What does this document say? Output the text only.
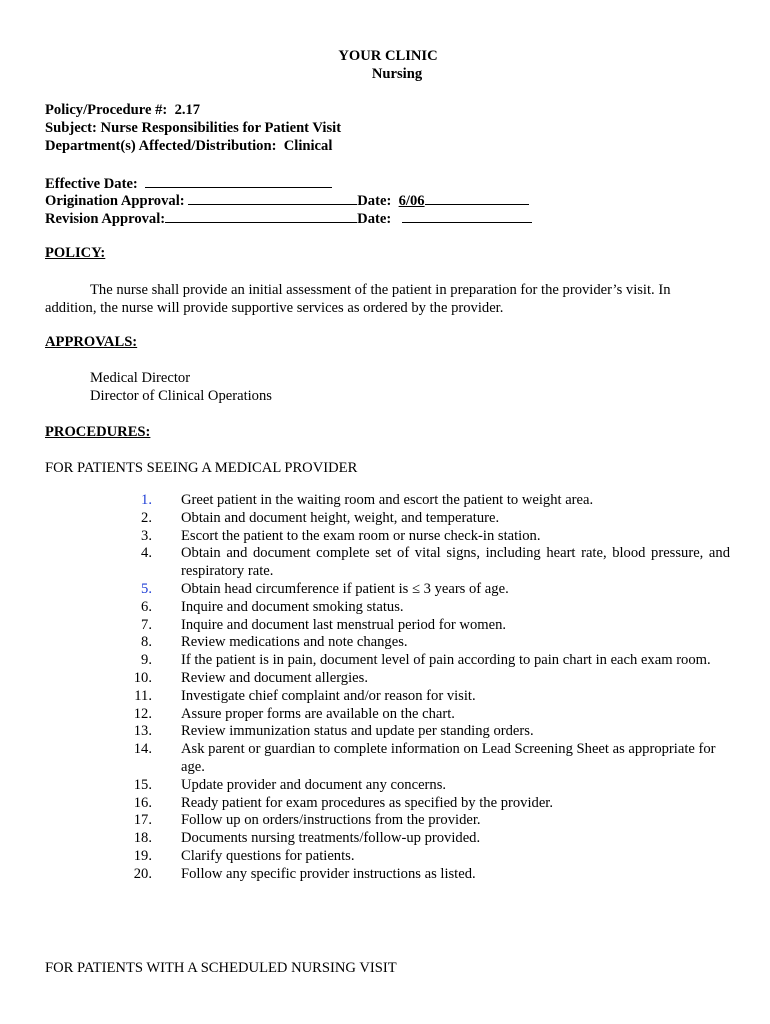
YOUR CLINIC
Nursing
Policy/Procedure #: 2.17
Subject: Nurse Responsibilities for Patient Visit
Department(s) Affected/Distribution: Clinical
Effective Date:
Origination Approval:	Date: 6/06
Revision Approval:	Date:
POLICY:
The nurse shall provide an initial assessment of the patient in preparation for the provider’s visit. In addition, the nurse will provide supportive services as ordered by the provider.
APPROVALS:
Medical Director
Director of Clinical Operations
PROCEDURES:
FOR PATIENTS SEEING A MEDICAL PROVIDER
1. Greet patient in the waiting room and escort the patient to weight area.
2. Obtain and document height, weight, and temperature.
3. Escort the patient to the exam room or nurse check-in station.
4. Obtain and document complete set of vital signs, including heart rate, blood pressure, and respiratory rate.
5. Obtain head circumference if patient is ≤ 3 years of age.
6. Inquire and document smoking status.
7. Inquire and document last menstrual period for women.
8. Review medications and note changes.
9. If the patient is in pain, document level of pain according to pain chart in each exam room.
10. Review and document allergies.
11. Investigate chief complaint and/or reason for visit.
12. Assure proper forms are available on the chart.
13. Review immunization status and update per standing orders.
14. Ask parent or guardian to complete information on Lead Screening Sheet as appropriate for age.
15. Update provider and document any concerns.
16. Ready patient for exam procedures as specified by the provider.
17. Follow up on orders/instructions from the provider.
18. Documents nursing treatments/follow-up provided.
19. Clarify questions for patients.
20. Follow any specific provider instructions as listed.
FOR PATIENTS WITH A SCHEDULED NURSING VISIT
